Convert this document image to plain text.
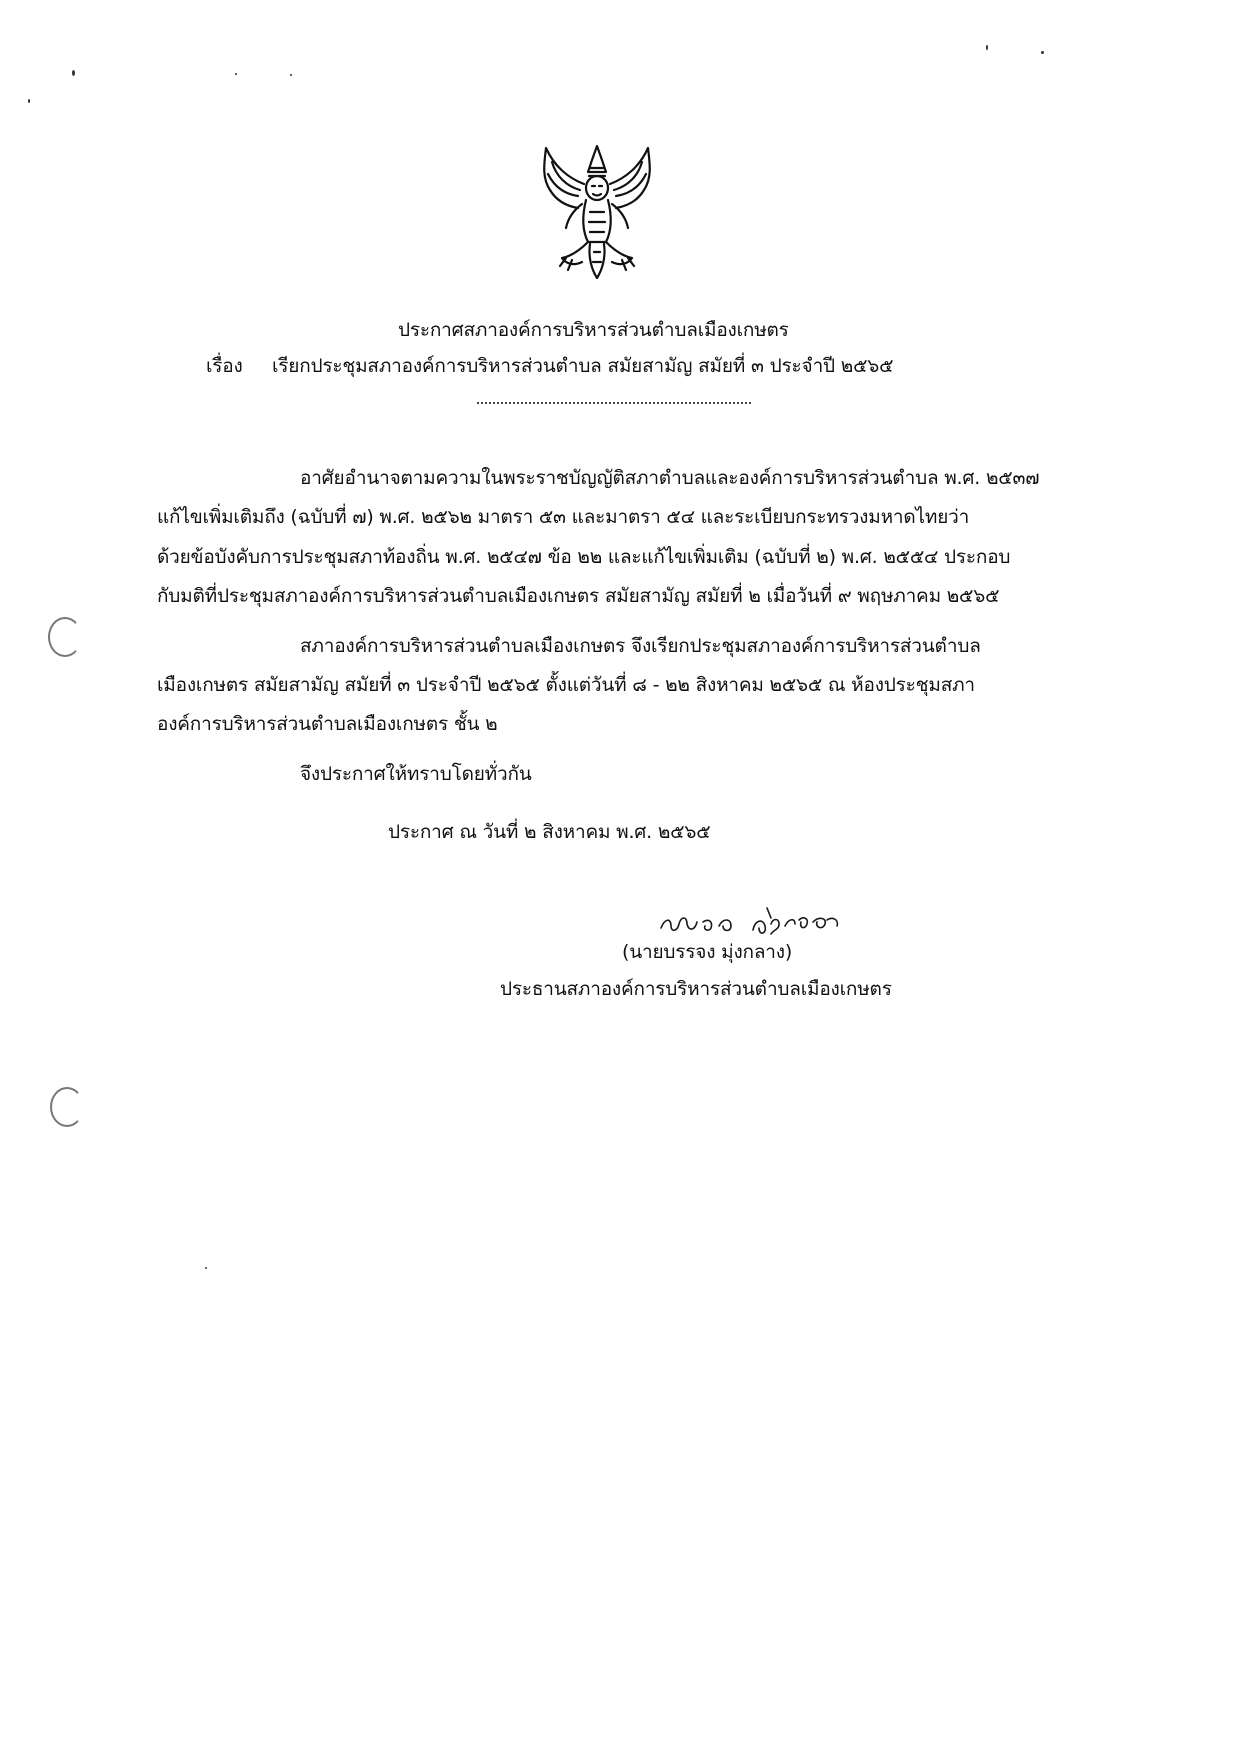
ประกาศสภาองค์การบริหารส่วนตำบลเมืองเกษตร
เรื่อง เรียกประชุมสภาองค์การบริหารส่วนตำบล สมัยสามัญ สมัยที่ ๓ ประจำปี ๒๕๖๕
อาศัยอำนาจตามความในพระราชบัญญัติสภาตำบลและองค์การบริหารส่วนตำบล พ.ศ. ๒๕๓๗
แก้ไขเพิ่มเติมถึง (ฉบับที่ ๗) พ.ศ. ๒๕๖๒ มาตรา ๕๓ และมาตรา ๕๔ และระเบียบกระทรวงมหาดไทยว่า
ด้วยข้อบังคับการประชุมสภาท้องถิ่น พ.ศ. ๒๕๔๗ ข้อ ๒๒ และแก้ไขเพิ่มเติม (ฉบับที่ ๒) พ.ศ. ๒๕๕๔ ประกอบ
กับมติที่ประชุมสภาองค์การบริหารส่วนตำบลเมืองเกษตร สมัยสามัญ สมัยที่ ๒ เมื่อวันที่ ๙ พฤษภาคม ๒๕๖๕
สภาองค์การบริหารส่วนตำบลเมืองเกษตร จึงเรียกประชุมสภาองค์การบริหารส่วนตำบล
เมืองเกษตร สมัยสามัญ สมัยที่ ๓ ประจำปี ๒๕๖๕ ตั้งแต่วันที่ ๘ - ๒๒ สิงหาคม ๒๕๖๕ ณ ห้องประชุมสภา
องค์การบริหารส่วนตำบลเมืองเกษตร ชั้น ๒
จึงประกาศให้ทราบโดยทั่วกัน
ประกาศ ณ วันที่ ๒ สิงหาคม พ.ศ. ๒๕๖๕
(นายบรรจง มุ่งกลาง)
ประธานสภาองค์การบริหารส่วนตำบลเมืองเกษตร
